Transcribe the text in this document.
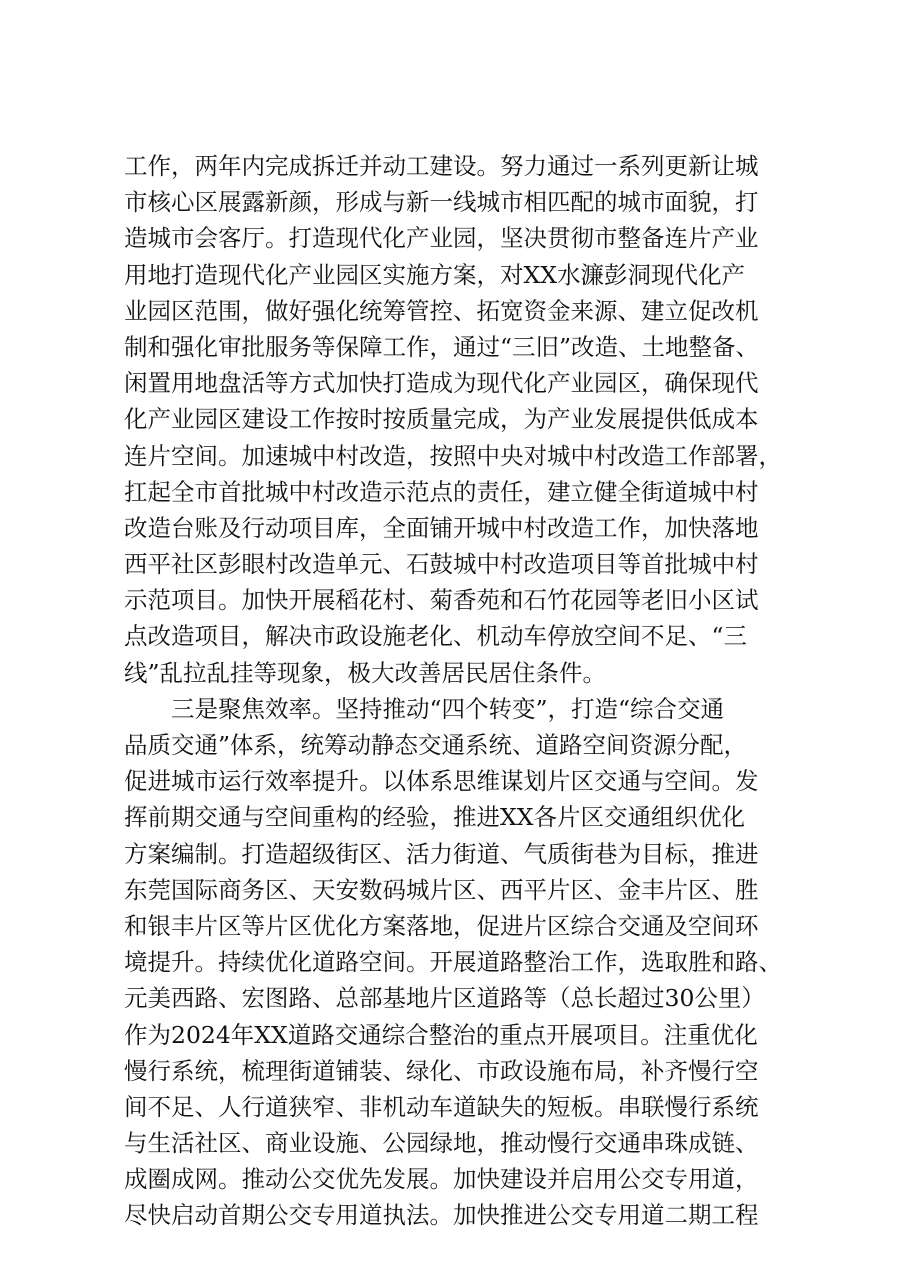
工作，两年内完成拆迁并动工建设。努力通过一系列更新让城
市核心区展露新颜，形成与新一线城市相匹配的城市面貌，打
造城市会客厅。打造现代化产业园，坚决贯彻市整备连片产业
用地打造现代化产业园区实施方案，对XX水濂彭洞现代化产
业园区范围，做好强化统筹管控、拓宽资金来源、建立促改机
制和强化审批服务等保障工作，通过“三旧”改造、土地整备、
闲置用地盘活等方式加快打造成为现代化产业园区，确保现代
化产业园区建设工作按时按质量完成，为产业发展提供低成本
连片空间。加速城中村改造，按照中央对城中村改造工作部署，
扛起全市首批城中村改造示范点的责任，建立健全街道城中村
改造台账及行动项目库，全面铺开城中村改造工作，加快落地
西平社区彭眼村改造单元、石鼓城中村改造项目等首批城中村
示范项目。加快开展稻花村、菊香苑和石竹花园等老旧小区试
点改造项目，解决市政设施老化、机动车停放空间不足、“三
线”乱拉乱挂等现象，极大改善居民居住条件。
三是聚焦效率。坚持推动“四个转变”，打造“综合交通
品质交通”体系，统筹动静态交通系统、道路空间资源分配，
促进城市运行效率提升。以体系思维谋划片区交通与空间。发
挥前期交通与空间重构的经验，推进XX各片区交通组织优化
方案编制。打造超级街区、活力街道、气质街巷为目标，推进
东莞国际商务区、天安数码城片区、西平片区、金丰片区、胜
和银丰片区等片区优化方案落地，促进片区综合交通及空间环
境提升。持续优化道路空间。开展道路整治工作，选取胜和路、
元美西路、宏图路、总部基地片区道路等（总长超过30公里）
作为2024年XX道路交通综合整治的重点开展项目。注重优化
慢行系统，梳理街道铺装、绿化、市政设施布局，补齐慢行空
间不足、人行道狭窄、非机动车道缺失的短板。串联慢行系统
与生活社区、商业设施、公园绿地，推动慢行交通串珠成链、
成圈成网。推动公交优先发展。加快建设并启用公交专用道，
尽快启动首期公交专用道执法。加快推进公交专用道二期工程
